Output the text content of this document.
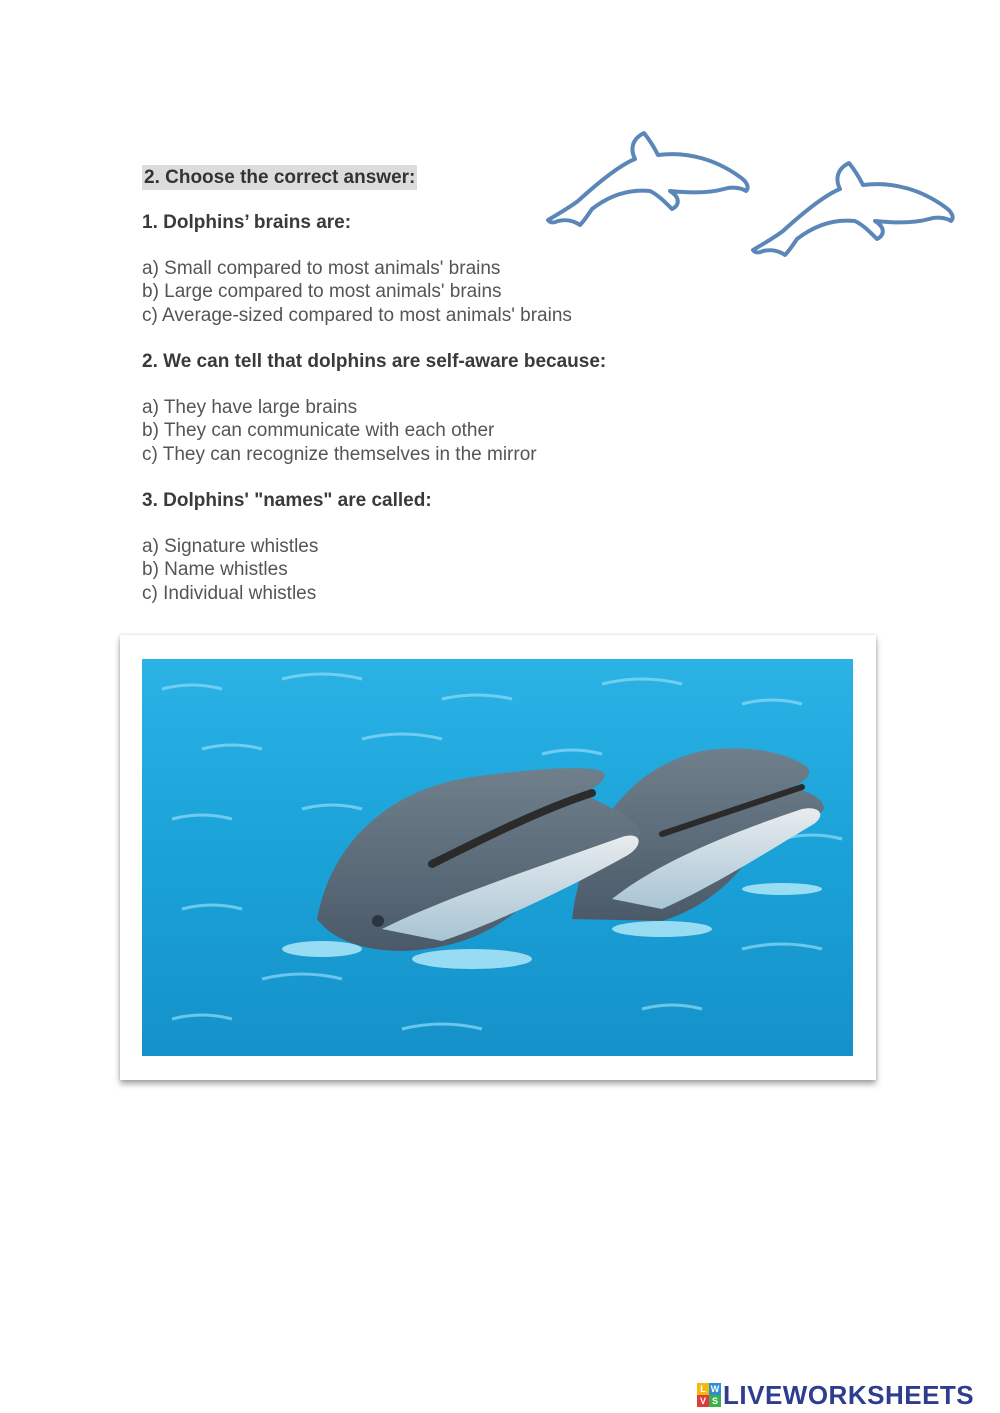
2. Choose the correct answer:

1. Dolphins’ brains are:

a) Small compared to most animals' brains
b) Large compared to most animals' brains
c) Average-sized compared to most animals' brains

2. We can tell that dolphins are self-aware because:

a) They have large brains
b) They can communicate with each other
c) They can recognize themselves in the mirror

3. Dolphins' "names" are called:

a) Signature whistles
b) Name whistles
c) Individual whistles
L W
V S LIVEWORKSHEETS
